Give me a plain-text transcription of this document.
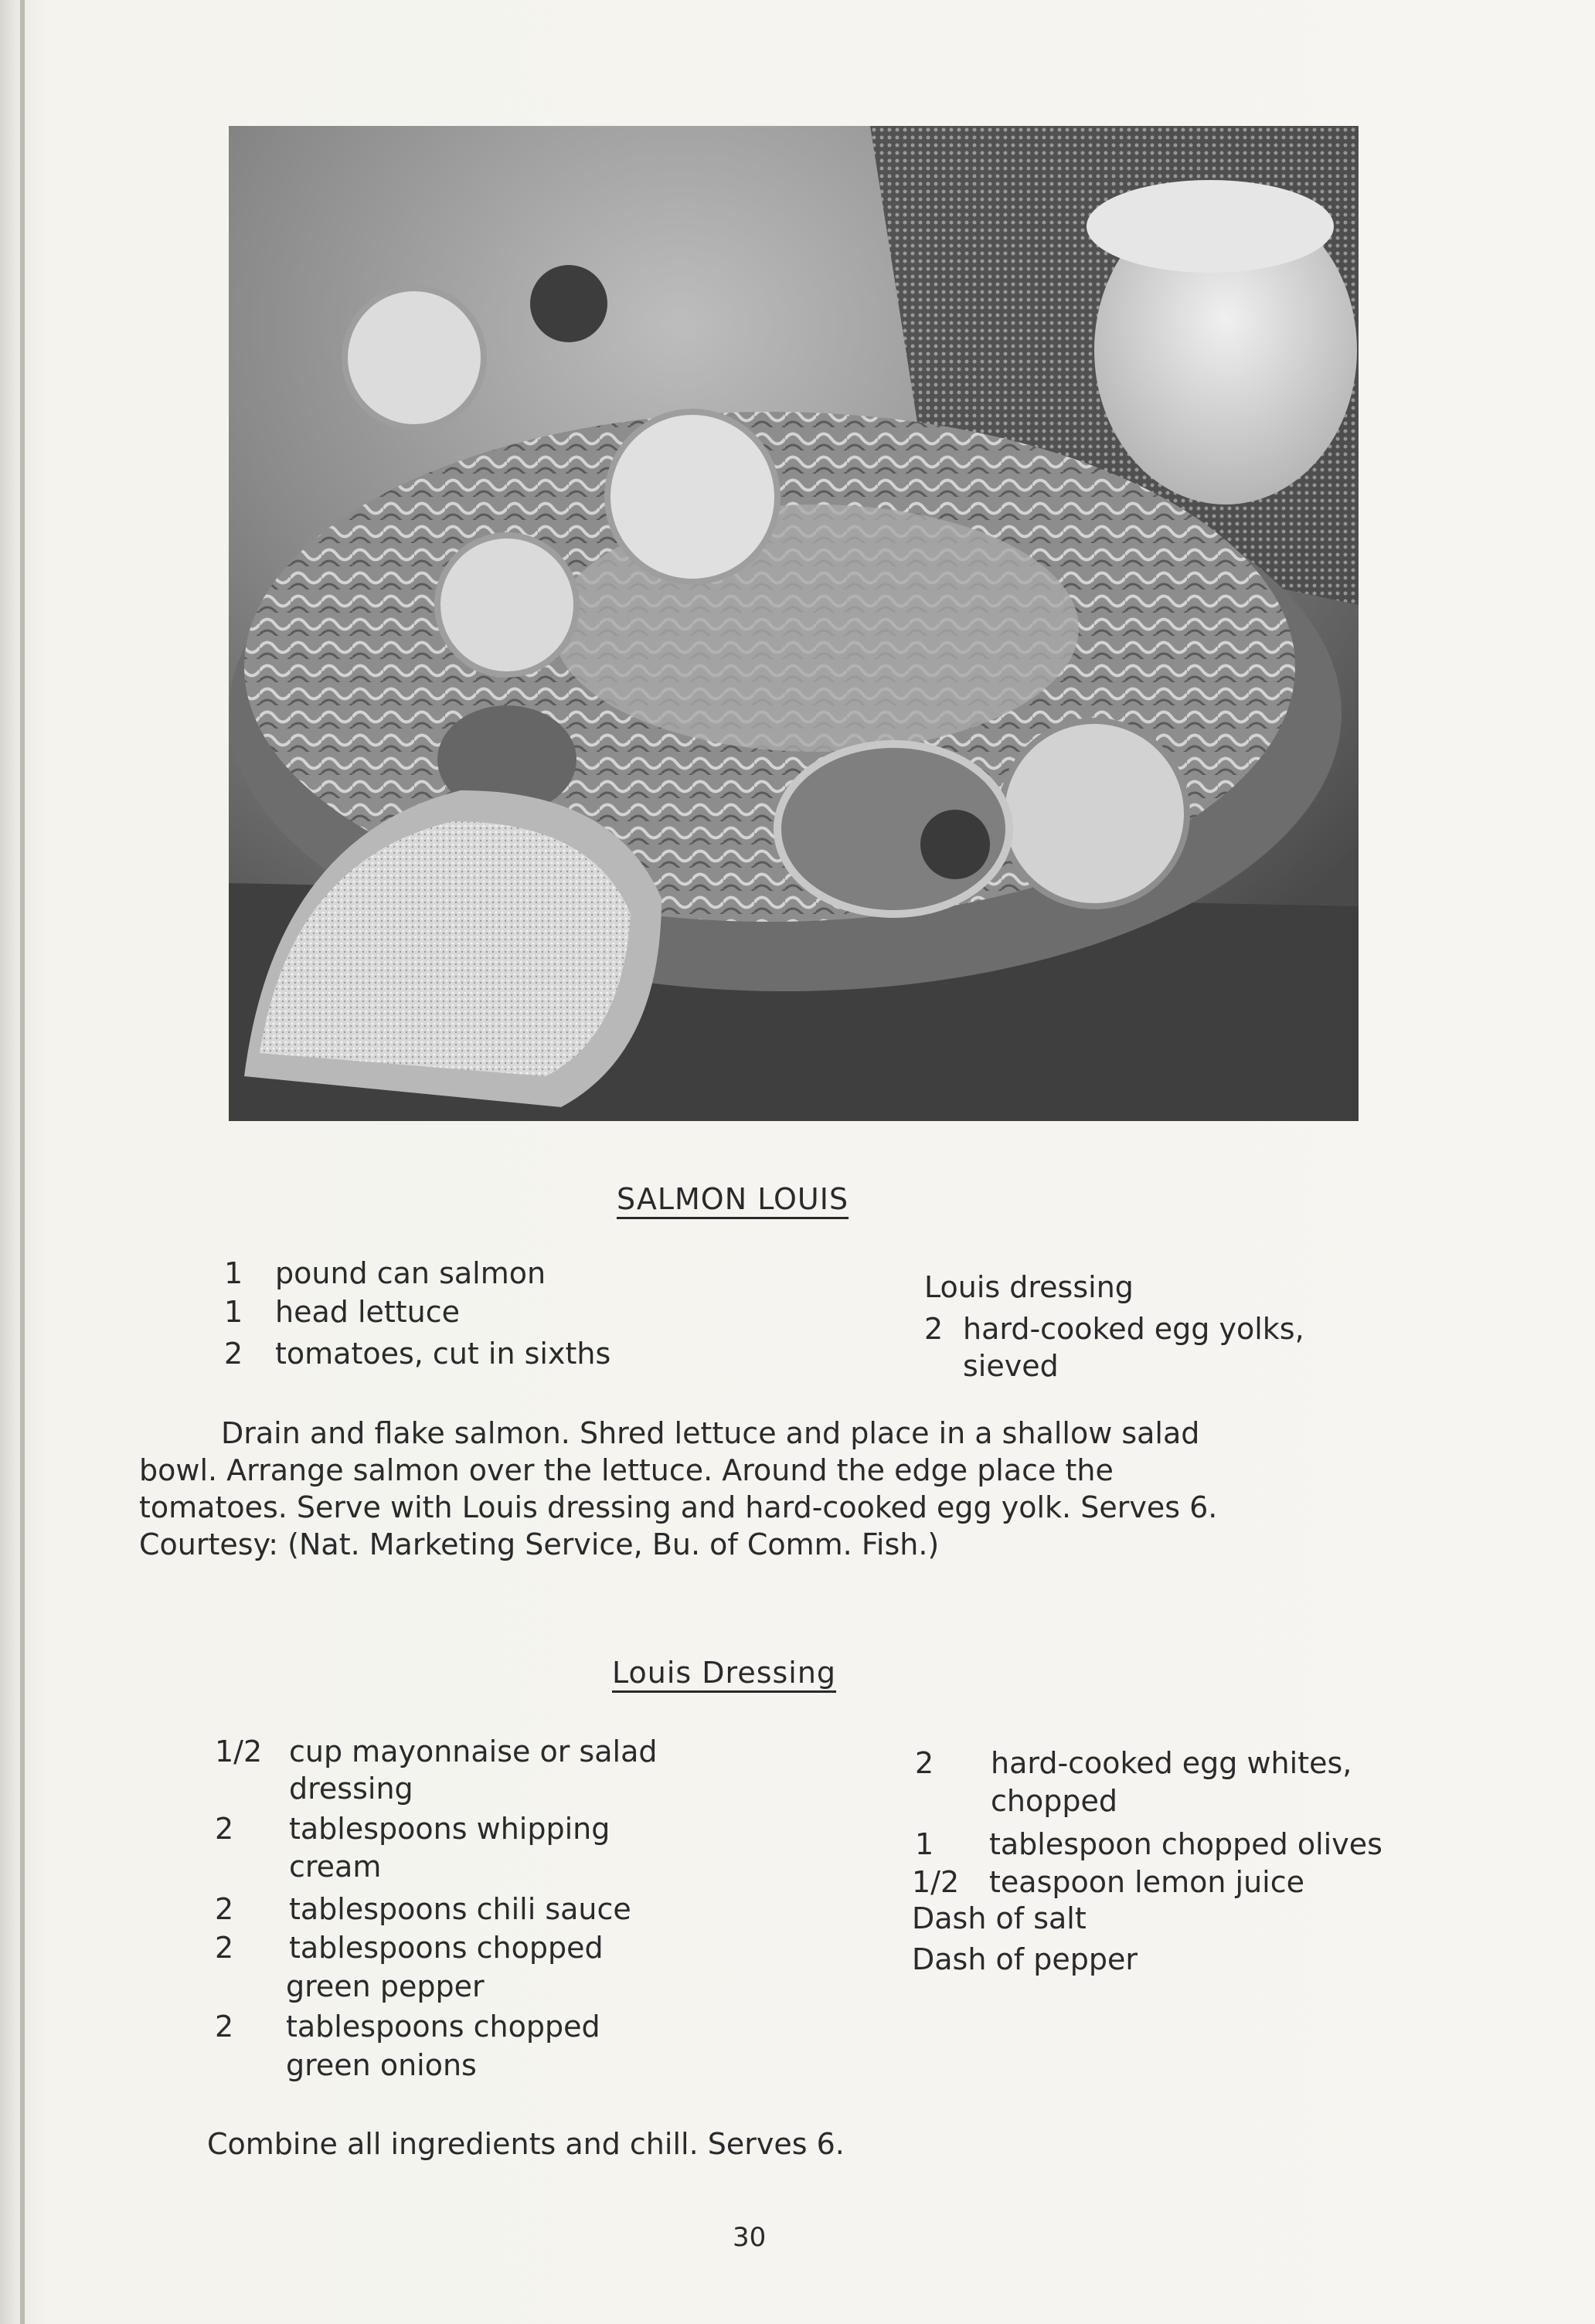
SALMON LOUIS
1 pound can salmon
1 head lettuce
2 tomatoes, cut in sixths
Louis dressing
2 hard-cooked egg yolks,
sieved
Drain and flake salmon. Shred lettuce and place in a shallow salad
bowl. Arrange salmon over the lettuce. Around the edge place the
tomatoes. Serve with Louis dressing and hard-cooked egg yolk. Serves 6.
Courtesy: (Nat. Marketing Service, Bu. of Comm. Fish.)
Louis Dressing
1/2 cup mayonnaise or salad
dressing
2 tablespoons whipping
cream
2 tablespoons chili sauce
2 tablespoons chopped
green pepper
2 tablespoons chopped
green onions
2 hard-cooked egg whites,
chopped
1 tablespoon chopped olives
1/2 teaspoon lemon juice
Dash of salt
Dash of pepper
Combine all ingredients and chill. Serves 6.
30
